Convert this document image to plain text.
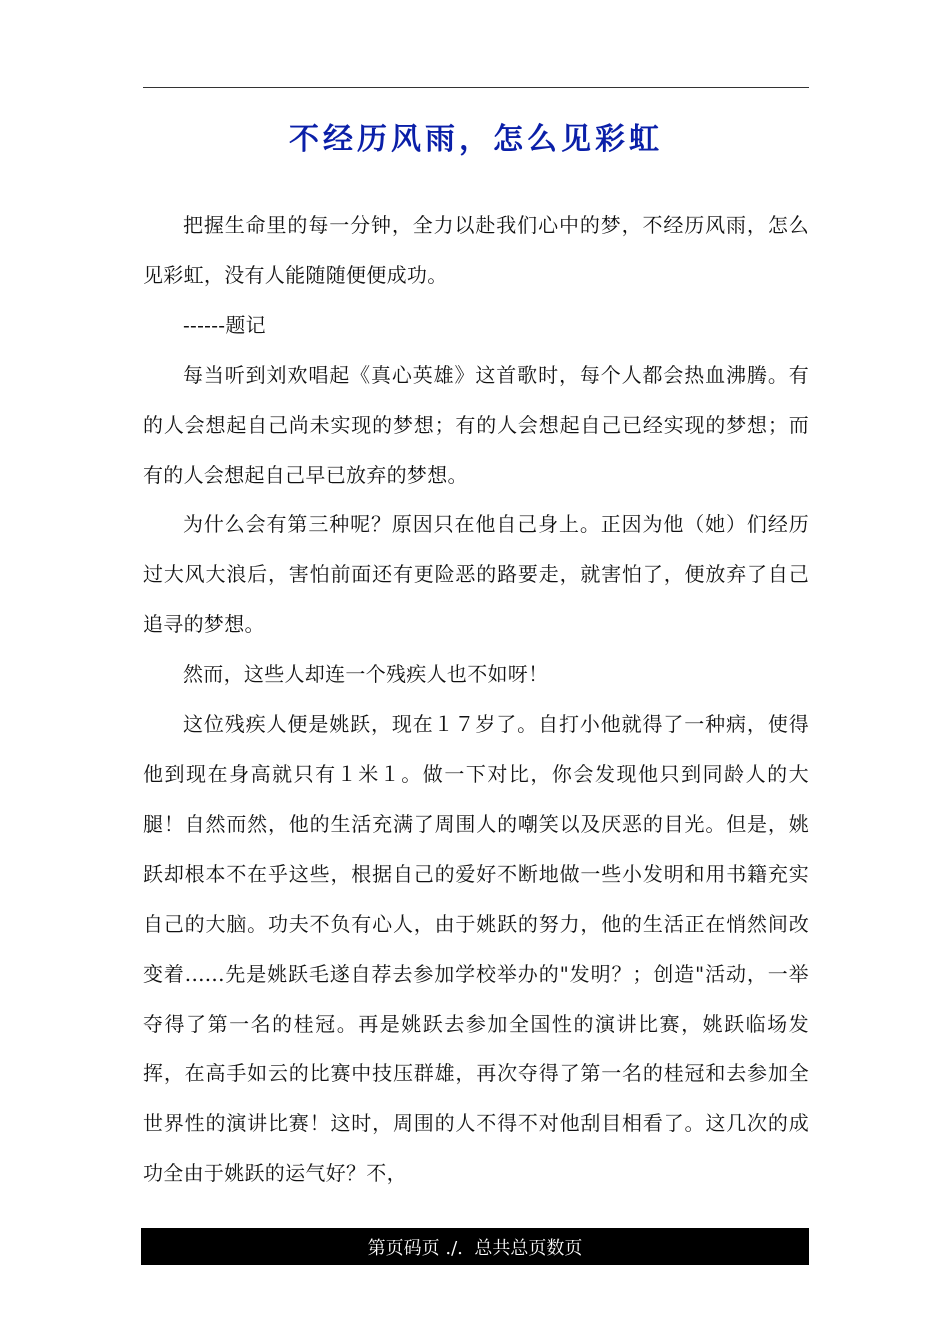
不经历风雨，怎么见彩虹

把握生命里的每一分钟，全力以赴我们心中的梦，不经历风雨，怎么见彩虹，没有人能随随便便成功。

------题记

每当听到刘欢唱起《真心英雄》这首歌时，每个人都会热血沸腾。有的人会想起自己尚未实现的梦想；有的人会想起自己已经实现的梦想；而有的人会想起自己早已放弃的梦想。

为什么会有第三种呢？原因只在他自己身上。正因为他（她）们经历过大风大浪后，害怕前面还有更险恶的路要走，就害怕了，便放弃了自己追寻的梦想。

然而，这些人却连一个残疾人也不如呀！

这位残疾人便是姚跃，现在１７岁了。自打小他就得了一种病，使得他到现在身高就只有１米１。做一下对比，你会发现他只到同龄人的大腿！自然而然，他的生活充满了周围人的嘲笑以及厌恶的目光。但是，姚跃却根本不在乎这些，根据自己的爱好不断地做一些小发明和用书籍充实自己的大脑。功夫不负有心人，由于姚跃的努力，他的生活正在悄然间改变着......先是姚跃毛遂自荐去参加学校举办的"发明？；创造"活动，一举夺得了第一名的桂冠。再是姚跃去参加全国性的演讲比赛，姚跃临场发挥，在高手如云的比赛中技压群雄，再次夺得了第一名的桂冠和去参加全世界性的演讲比赛！这时，周围的人不得不对他刮目相看了。这几次的成功全由于姚跃的运气好？不，

第页码页 ./.  总共总页数页
